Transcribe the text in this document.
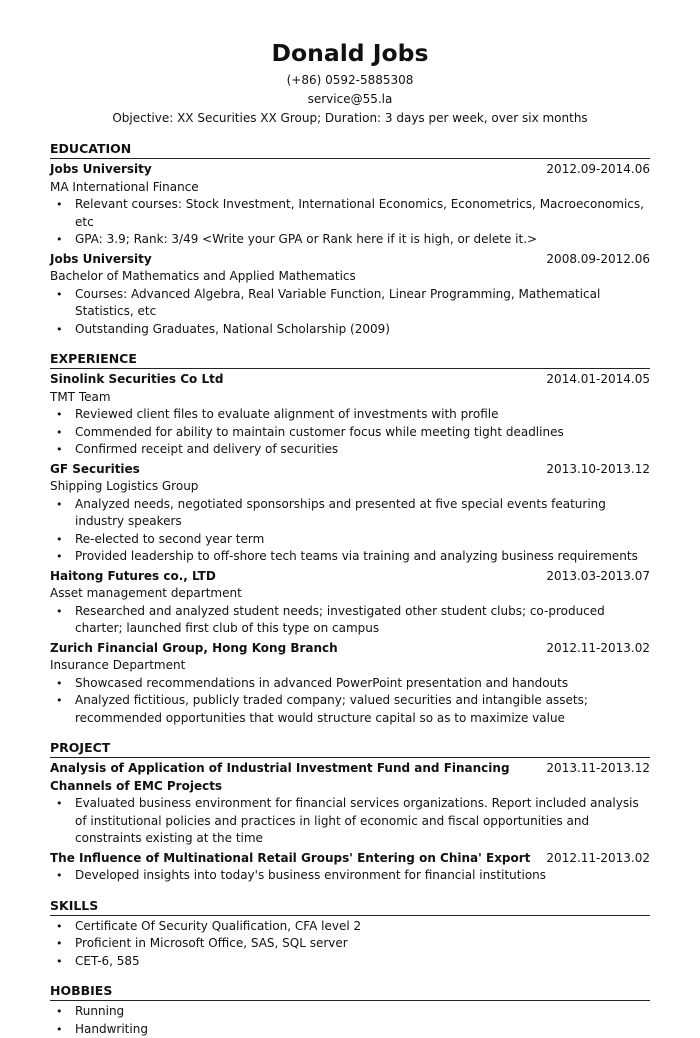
Donald Jobs
(+86) 0592-5885308
service@55.la
Objective: XX Securities XX Group; Duration: 3 days per week, over six months
EDUCATION
Jobs University	2012.09-2014.06
MA International Finance
• Relevant courses: Stock Investment, International Economics, Econometrics, Macroeconomics, etc
• GPA: 3.9; Rank: 3/49 <Write your GPA or Rank here if it is high, or delete it.>
Jobs University	2008.09-2012.06
Bachelor of Mathematics and Applied Mathematics
• Courses: Advanced Algebra, Real Variable Function, Linear Programming, Mathematical Statistics, etc
• Outstanding Graduates, National Scholarship (2009)
EXPERIENCE
Sinolink Securities Co Ltd	2014.01-2014.05
TMT Team
• Reviewed client files to evaluate alignment of investments with profile
• Commended for ability to maintain customer focus while meeting tight deadlines
• Confirmed receipt and delivery of securities
GF Securities	2013.10-2013.12
Shipping Logistics Group
• Analyzed needs, negotiated sponsorships and presented at five special events featuring industry speakers
• Re-elected to second year term
• Provided leadership to off-shore tech teams via training and analyzing business requirements
Haitong Futures co., LTD	2013.03-2013.07
Asset management department
• Researched and analyzed student needs; investigated other student clubs; co-produced charter; launched first club of this type on campus
Zurich Financial Group, Hong Kong Branch	2012.11-2013.02
Insurance Department
• Showcased recommendations in advanced PowerPoint presentation and handouts
• Analyzed fictitious, publicly traded company; valued securities and intangible assets; recommended opportunities that would structure capital so as to maximize value
PROJECT
Analysis of Application of Industrial Investment Fund and Financing Channels of EMC Projects
2013.11-2013.12
• Evaluated business environment for financial services organizations. Report included analysis of institutional policies and practices in light of economic and fiscal opportunities and constraints existing at the time
The Influence of Multinational Retail Groups' Entering on China' Export	2012.11-2013.02
• Developed insights into today's business environment for financial institutions
SKILLS
• Certificate Of Security Qualification, CFA level 2
• Proficient in Microsoft Office, SAS, SQL server
• CET-6, 585
HOBBIES
• Running
• Handwriting
